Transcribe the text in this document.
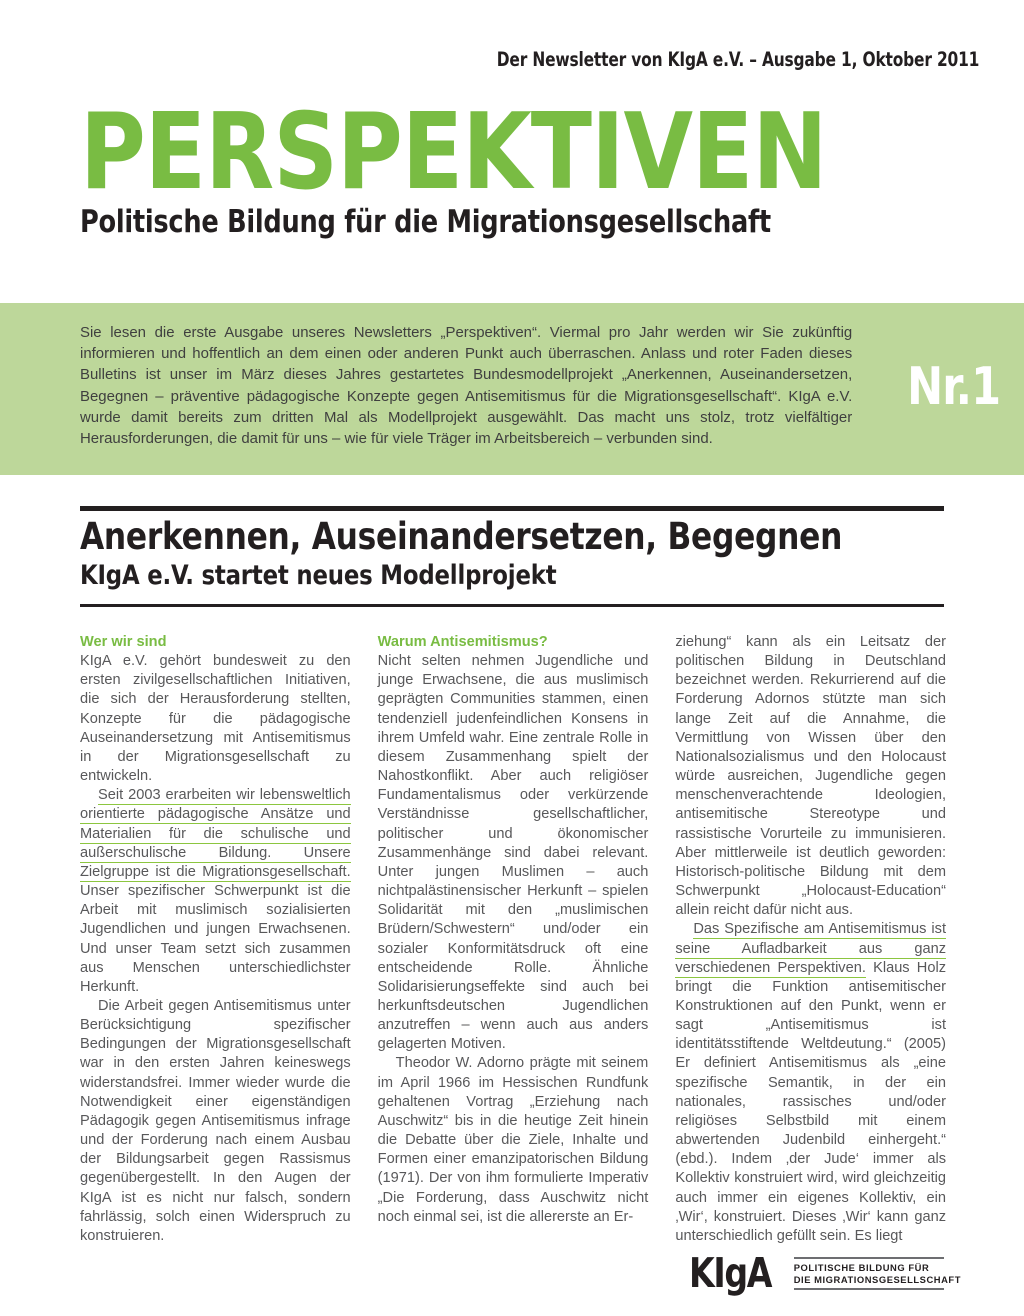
Der Newsletter von KIgA e.V. – Ausgabe 1, Oktober 2011
PERSPEKTIVEN
Politische Bildung für die Migrationsgesellschaft
Sie lesen die erste Ausgabe unseres Newsletters „Perspektiven“. Viermal pro Jahr werden wir Sie zukünftig informieren und hoffentlich an dem einen oder anderen Punkt auch überraschen. Anlass und roter Faden dieses Bulletins ist unser im März dieses Jahres gestartetes Bundesmodellprojekt „Anerkennen, Auseinandersetzen, Begegnen – präventive pädagogische Konzepte gegen Antisemitismus für die Migrationsgesellschaft“. KIgA e.V. wurde damit bereits zum dritten Mal als Modellprojekt ausgewählt. Das macht uns stolz, trotz vielfältiger Herausforderungen, die damit für uns – wie für viele Träger im Arbeitsbereich – verbunden sind.
Nr.1
Anerkennen, Auseinandersetzen, Begegnen
KIgA e.V. startet neues Modellprojekt
Wer wir sind

KIgA e.V. gehört bundesweit zu den ersten zivilgesellschaftlichen Initiativen, die sich der Herausforderung stellten, Konzepte für die pädagogische Auseinandersetzung mit Antisemitismus in der Migrationsgesellschaft zu entwickeln.

Seit 2003 erarbeiten wir lebensweltlich orientierte pädagogische Ansätze und Materialien für die schulische und außerschulische Bildung. Unsere Zielgruppe ist die Migrationsgesellschaft. Unser spezifischer Schwerpunkt ist die Arbeit mit muslimisch sozialisierten Jugendlichen und jungen Erwachsenen. Und unser Team setzt sich zusammen aus Menschen unterschiedlichster Herkunft.

Die Arbeit gegen Antisemitismus unter Berücksichtigung spezifischer Bedingungen der Migrationsgesellschaft war in den ersten Jahren keineswegs widerstandsfrei. Immer wieder wurde die Notwendigkeit einer eigenständigen Pädagogik gegen Antisemitismus infrage und der Forderung nach einem Ausbau der Bildungsarbeit gegen Rassismus gegenübergestellt. In den Augen der KIgA ist es nicht nur falsch, sondern fahrlässig, solch einen Widerspruch zu konstruieren.

Warum Antisemitismus?

Nicht selten nehmen Jugendliche und junge Erwachsene, die aus muslimisch geprägten Communities stammen, einen tendenziell judenfeindlichen Konsens in ihrem Umfeld wahr. Eine zentrale Rolle in diesem Zusammenhang spielt der Nahostkonflikt. Aber auch religiöser Fundamentalismus oder verkürzende Verständnisse gesellschaftlicher, politischer und ökonomischer Zusammenhänge sind dabei relevant. Unter jungen Muslimen – auch nichtpalästinensischer Herkunft – spielen Solidarität mit den „muslimischen Brüdern/Schwestern“ und/oder ein sozialer Konformitätsdruck oft eine entscheidende Rolle. Ähnliche Solidarisierungseffekte sind auch bei herkunftsdeutschen Jugendlichen anzutreffen – wenn auch aus anders gelagerten Motiven.

Theodor W. Adorno prägte mit seinem im April 1966 im Hessischen Rundfunk gehaltenen Vortrag „Erziehung nach Auschwitz“ bis in die heutige Zeit hinein die Debatte über die Ziele, Inhalte und Formen einer emanzipatorischen Bildung (1971). Der von ihm formulierte Imperativ „Die Forderung, dass Auschwitz nicht noch einmal sei, ist die allererste an Er-

ziehung“ kann als ein Leitsatz der politischen Bildung in Deutschland bezeichnet werden. Rekurrierend auf die Forderung Adornos stützte man sich lange Zeit auf die Annahme, die Vermittlung von Wissen über den Nationalsozialismus und den Holocaust würde ausreichen, Jugendliche gegen menschenverachtende Ideologien, antisemitische Stereotype und rassistische Vorurteile zu immunisieren. Aber mittlerweile ist deutlich geworden: Historisch-politische Bildung mit dem Schwerpunkt „Holocaust-Education“ allein reicht dafür nicht aus.

Das Spezifische am Antisemitismus ist seine Aufladbarkeit aus ganz verschiedenen Perspektiven. Klaus Holz bringt die Funktion antisemitischer Konstruktionen auf den Punkt, wenn er sagt „Antisemitismus ist identitätsstiftende Weltdeutung.“ (2005) Er definiert Antisemitismus als „eine spezifische Semantik, in der ein nationales, rassisches und/oder religiöses Selbstbild mit einem abwertenden Judenbild einhergeht.“ (ebd.). Indem ‚der Jude‘ immer als Kollektiv konstruiert wird, wird gleichzeitig auch immer ein eigenes Kollektiv, ein ‚Wir‘, konstruiert. Dieses ‚Wir‘ kann ganz unterschiedlich gefüllt sein. Es liegt

KIgA POLITISCHE BILDUNG FÜR
DIE MIGRATIONSGESELLSCHAFT
